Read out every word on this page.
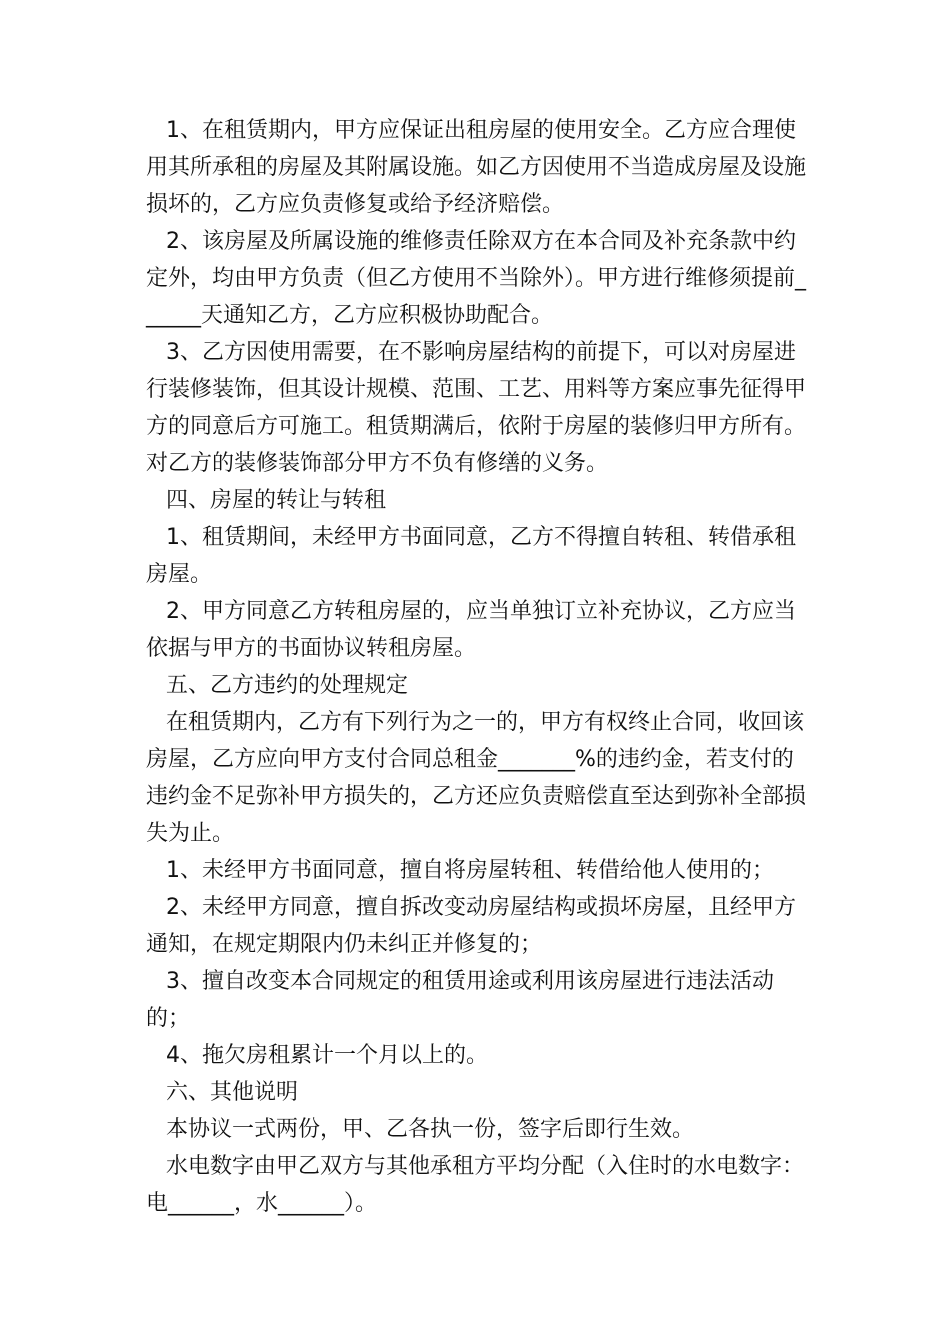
1、在租赁期内，甲方应保证出租房屋的使用安全。乙方应合理使用其所承租的房屋及其附属设施。如乙方因使用不当造成房屋及设施损坏的，乙方应负责修复或给予经济赔偿。

2、该房屋及所属设施的维修责任除双方在本合同及补充条款中约定外，均由甲方负责（但乙方使用不当除外）。甲方进行维修须提前______天通知乙方，乙方应积极协助配合。

3、乙方因使用需要，在不影响房屋结构的前提下，可以对房屋进行装修装饰，但其设计规模、范围、工艺、用料等方案应事先征得甲方的同意后方可施工。租赁期满后，依附于房屋的装修归甲方所有。对乙方的装修装饰部分甲方不负有修缮的义务。

四、房屋的转让与转租

1、租赁期间，未经甲方书面同意，乙方不得擅自转租、转借承租房屋。

2、甲方同意乙方转租房屋的，应当单独订立补充协议，乙方应当依据与甲方的书面协议转租房屋。

五、乙方违约的处理规定

在租赁期内，乙方有下列行为之一的，甲方有权终止合同，收回该房屋，乙方应向甲方支付合同总租金_______%的违约金，若支付的违约金不足弥补甲方损失的，乙方还应负责赔偿直至达到弥补全部损失为止。

1、未经甲方书面同意，擅自将房屋转租、转借给他人使用的；

2、未经甲方同意，擅自拆改变动房屋结构或损坏房屋，且经甲方通知，在规定期限内仍未纠正并修复的；

3、擅自改变本合同规定的租赁用途或利用该房屋进行违法活动的；

4、拖欠房租累计一个月以上的。

六、其他说明

本协议一式两份，甲、乙各执一份，签字后即行生效。

水电数字由甲乙双方与其他承租方平均分配（入住时的水电数字：电______，水______）。
